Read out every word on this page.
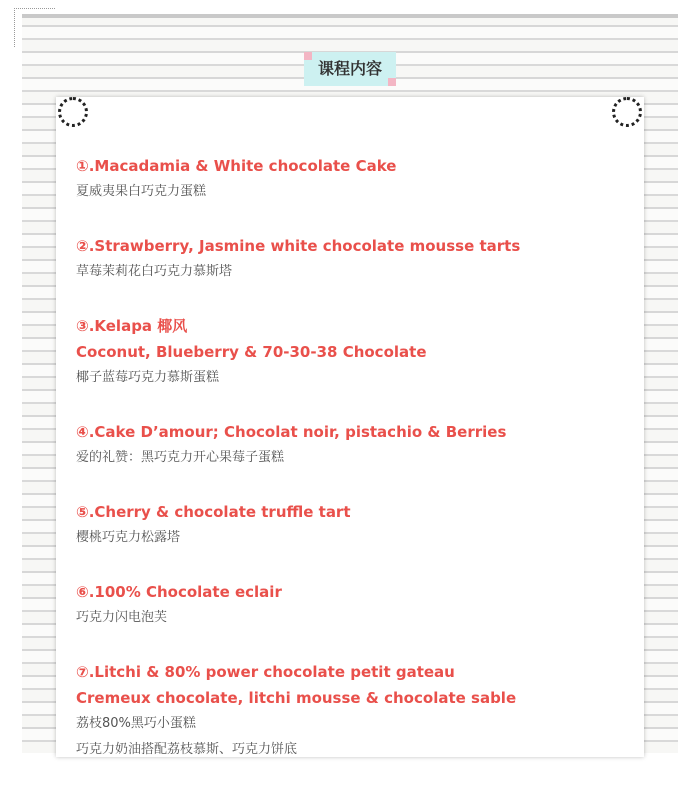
课程内容
①.Macadamia & White chocolate Cake
夏威夷果白巧克力蛋糕
②.Strawberry, Jasmine white chocolate mousse tarts
草莓茉莉花白巧克力慕斯塔
③.Kelapa 椰风
Coconut, Blueberry & 70-30-38 Chocolate
椰子蓝莓巧克力慕斯蛋糕
④.Cake D’amour; Chocolat noir, pistachio & Berries
爱的礼赞：黑巧克力开心果莓子蛋糕
⑤.Cherry & chocolate truffle tart
樱桃巧克力松露塔
⑥.100% Chocolate eclair
巧克力闪电泡芙
⑦.Litchi & 80% power chocolate petit gateau
Cremeux chocolate, litchi mousse & chocolate sable
荔枝80%黑巧小蛋糕
巧克力奶油搭配荔枝慕斯、巧克力饼底
